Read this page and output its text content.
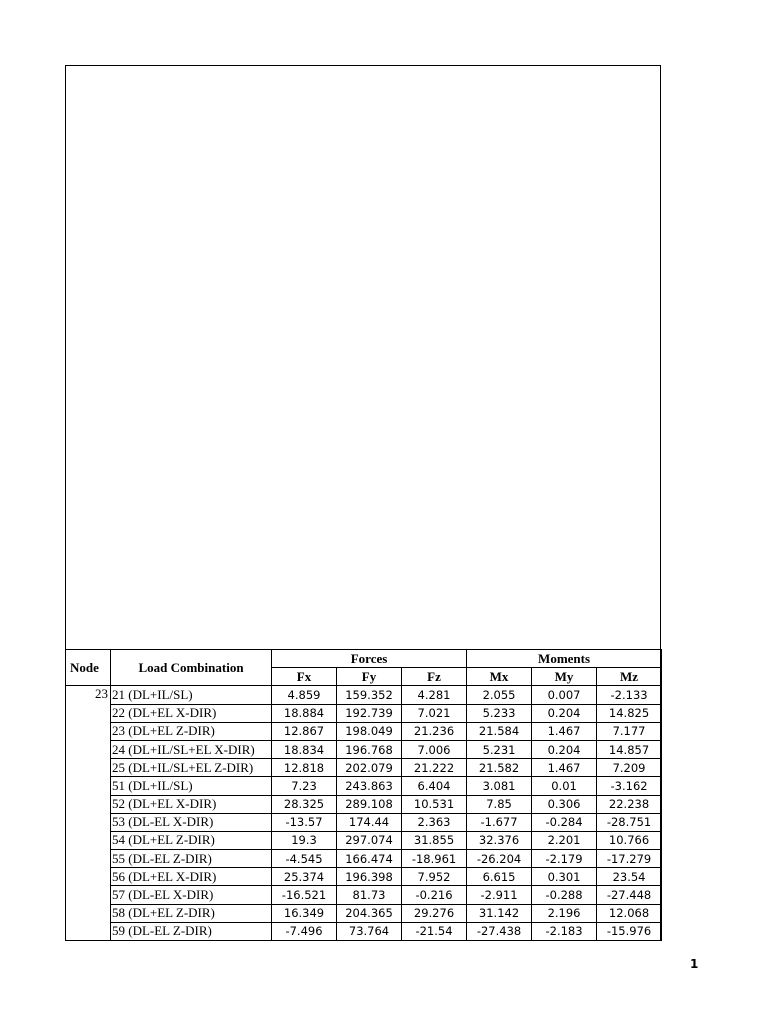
Node	Load Combination	Forces			Moments		
		Fx	Fy	Fz	Mx	My	Mz
23	21 (DL+IL/SL)	4.859	159.352	4.281	2.055	0.007	-2.133
	22 (DL+EL X-DIR)	18.884	192.739	7.021	5.233	0.204	14.825
	23 (DL+EL Z-DIR)	12.867	198.049	21.236	21.584	1.467	7.177
	24 (DL+IL/SL+EL X-DIR)	18.834	196.768	7.006	5.231	0.204	14.857
	25 (DL+IL/SL+EL Z-DIR)	12.818	202.079	21.222	21.582	1.467	7.209
	51 (DL+IL/SL)	7.23	243.863	6.404	3.081	0.01	-3.162
	52 (DL+EL X-DIR)	28.325	289.108	10.531	7.85	0.306	22.238
	53 (DL-EL X-DIR)	-13.57	174.44	2.363	-1.677	-0.284	-28.751
	54 (DL+EL Z-DIR)	19.3	297.074	31.855	32.376	2.201	10.766
	55 (DL-EL Z-DIR)	-4.545	166.474	-18.961	-26.204	-2.179	-17.279
	56 (DL+EL X-DIR)	25.374	196.398	7.952	6.615	0.301	23.54
	57 (DL-EL X-DIR)	-16.521	81.73	-0.216	-2.911	-0.288	-27.448
	58 (DL+EL Z-DIR)	16.349	204.365	29.276	31.142	2.196	12.068
	59 (DL-EL Z-DIR)	-7.496	73.764	-21.54	-27.438	-2.183	-15.976
1
